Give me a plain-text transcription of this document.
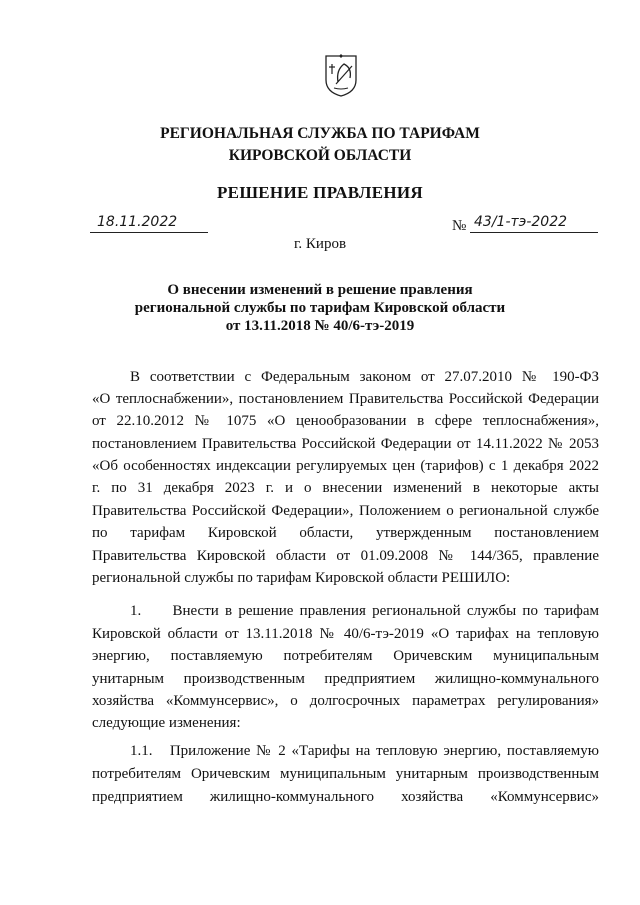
РЕГИОНАЛЬНАЯ СЛУЖБА ПО ТАРИФАМ
КИРОВСКОЙ ОБЛАСТИ
РЕШЕНИЕ ПРАВЛЕНИЯ
18.11.2022	№ 43/1-тэ-2022
г. Киров
О внесении изменений в решение правления
региональной службы по тарифам Кировской области
от 13.11.2018 № 40/6-тэ-2019
В соответствии с Федеральным законом от 27.07.2010 № 190-ФЗ
«О теплоснабжении», постановлением Правительства Российской Федерации
от 22.10.2012 № 1075 «О ценообразовании в сфере теплоснабжения»,
постановлением Правительства Российской Федерации от 14.11.2022 № 2053
«Об особенностях индексации регулируемых цен (тарифов) с 1 декабря 2022
г. по 31 декабря 2023 г. и о внесении изменений в некоторые акты
Правительства Российской Федерации», Положением о региональной службе
по тарифам Кировской области, утвержденным постановлением
Правительства Кировской области от 01.09.2008 № 144/365, правление
региональной службы по тарифам Кировской области РЕШИЛО:
1.     Внести в решение правления региональной службы по тарифам
Кировской области от 13.11.2018 № 40/6-тэ-2019 «О тарифах на тепловую
энергию, поставляемую потребителям Оричевским муниципальным
унитарным производственным предприятием жилищно-коммунального
хозяйства «Коммунсервис», о долгосрочных параметрах регулирования»
следующие изменения:
1.1.   Приложение № 2 «Тарифы на тепловую энергию, поставляемую
потребителям Оричевским муниципальным унитарным производственным
предприятием жилищно-коммунального хозяйства «Коммунсервис»
